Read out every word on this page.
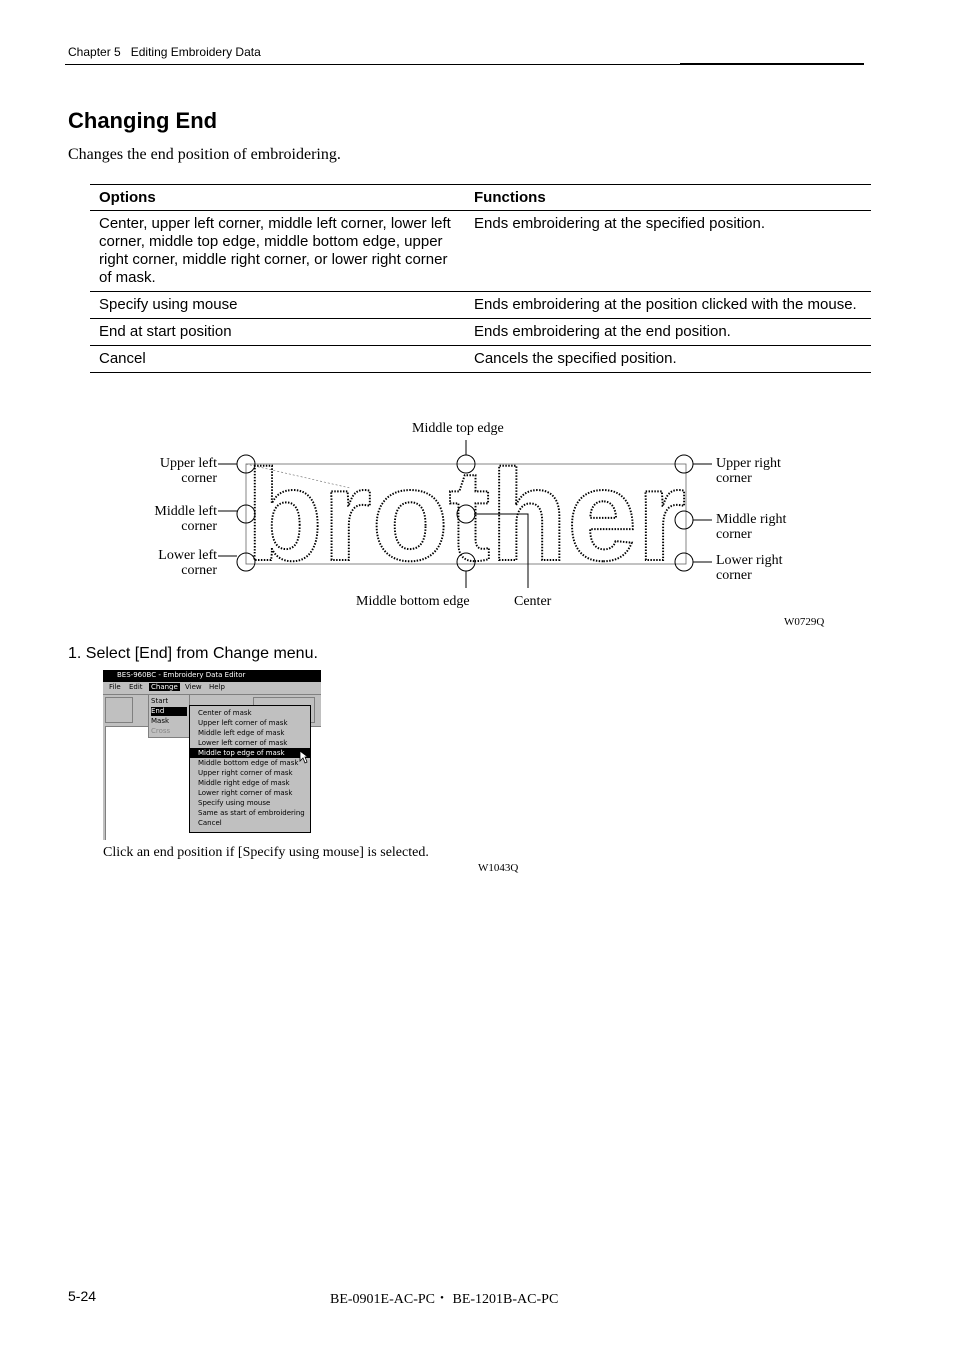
Chapter 5 Editing Embroidery Data
Changing End
Changes the end position of embroidering.
Options	Functions
Center, upper left corner, middle left corner, lower left corner, middle top edge, middle bottom edge, upper right corner, middle right corner, or lower right corner of mask.	Ends embroidering at the specified position.
Specify using mouse	Ends embroidering at the position clicked with the mouse.
End at start position	Ends embroidering at the end position.
Cancel	Cancels the specified position.
brother
Middle top edge
Upper left
corner
Middle left
corner
Lower left
corner
Upper right
corner
Middle right
corner
Lower right
corner
Middle bottom edge	Center
W0729Q
1. Select [End] from Change menu.
BES-960BC - Embroidery Data Editor
File Edit Change View Help
Start
End
Mask
Cross
Center of mask
Upper left corner of mask
Middle left edge of mask
Lower left corner of mask
Middle top edge of mask
Middle bottom edge of mask
Upper right corner of mask
Middle right edge of mask
Lower right corner of mask
Specify using mouse
Same as start of embroidering
Cancel
Click an end position if [Specify using mouse] is selected.
W1043Q
5-24	BE-0901E-AC-PC・ BE-1201B-AC-PC
